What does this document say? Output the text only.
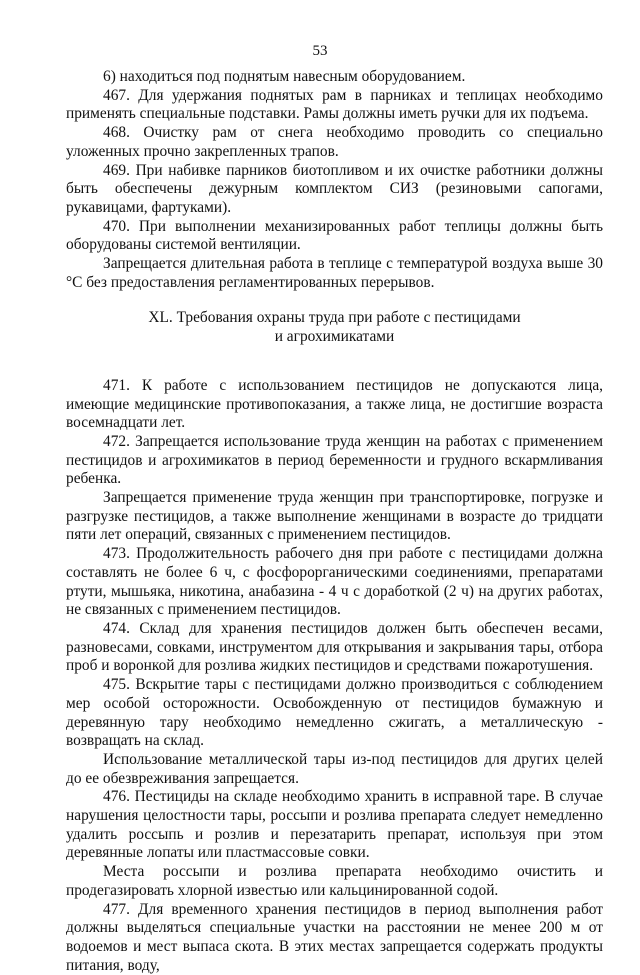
53

6) находиться под поднятым навесным оборудованием.

467. Для удержания поднятых рам в парниках и теплицах необходимо применять специальные подставки. Рамы должны иметь ручки для их подъема.

468. Очистку рам от снега необходимо проводить со специально уложенных прочно закрепленных трапов.

469. При набивке парников биотопливом и их очистке работники должны быть обеспечены дежурным комплектом СИЗ (резиновыми сапогами, рукавицами, фартуками).

470. При выполнении механизированных работ теплицы должны быть оборудованы системой вентиляции.

Запрещается длительная работа в теплице с температурой воздуха выше 30 °С без предоставления регламентированных перерывов.

XL. Требования охраны труда при работе с пестицидами
и агрохимикатами

471. К работе с использованием пестицидов не допускаются лица, имеющие медицинские противопоказания, а также лица, не достигшие возраста восемнадцати лет.

472. Запрещается использование труда женщин на работах с применением пестицидов и агрохимикатов в период беременности и грудного вскармливания ребенка.

Запрещается применение труда женщин при транспортировке, погрузке и разгрузке пестицидов, а также выполнение женщинами в возрасте до тридцати пяти лет операций, связанных с применением пестицидов.

473. Продолжительность рабочего дня при работе с пестицидами должна составлять не более 6 ч, с фосфорорганическими соединениями, препаратами ртути, мышьяка, никотина, анабазина - 4 ч с доработкой (2 ч) на других работах, не связанных с применением пестицидов.

474. Склад для хранения пестицидов должен быть обеспечен весами, разновесами, совками, инструментом для открывания и закрывания тары, отбора проб и воронкой для розлива жидких пестицидов и средствами пожаротушения.

475. Вскрытие тары с пестицидами должно производиться с соблюдением мер особой осторожности. Освобожденную от пестицидов бумажную и деревянную тару необходимо немедленно сжигать, а металлическую - возвращать на склад.

Использование металлической тары из-под пестицидов для других целей до ее обезвреживания запрещается.

476. Пестициды на складе необходимо хранить в исправной таре. В случае нарушения целостности тары, россыпи и розлива препарата следует немедленно удалить россыпь и розлив и перезатарить препарат, используя при этом деревянные лопаты или пластмассовые совки.

Места россыпи и розлива препарата необходимо очистить и продегазировать хлорной известью или кальцинированной содой.

477. Для временного хранения пестицидов в период выполнения работ должны выделяться специальные участки на расстоянии не менее 200 м от водоемов и мест выпаса скота. В этих местах запрещается содержать продукты питания, воду,
